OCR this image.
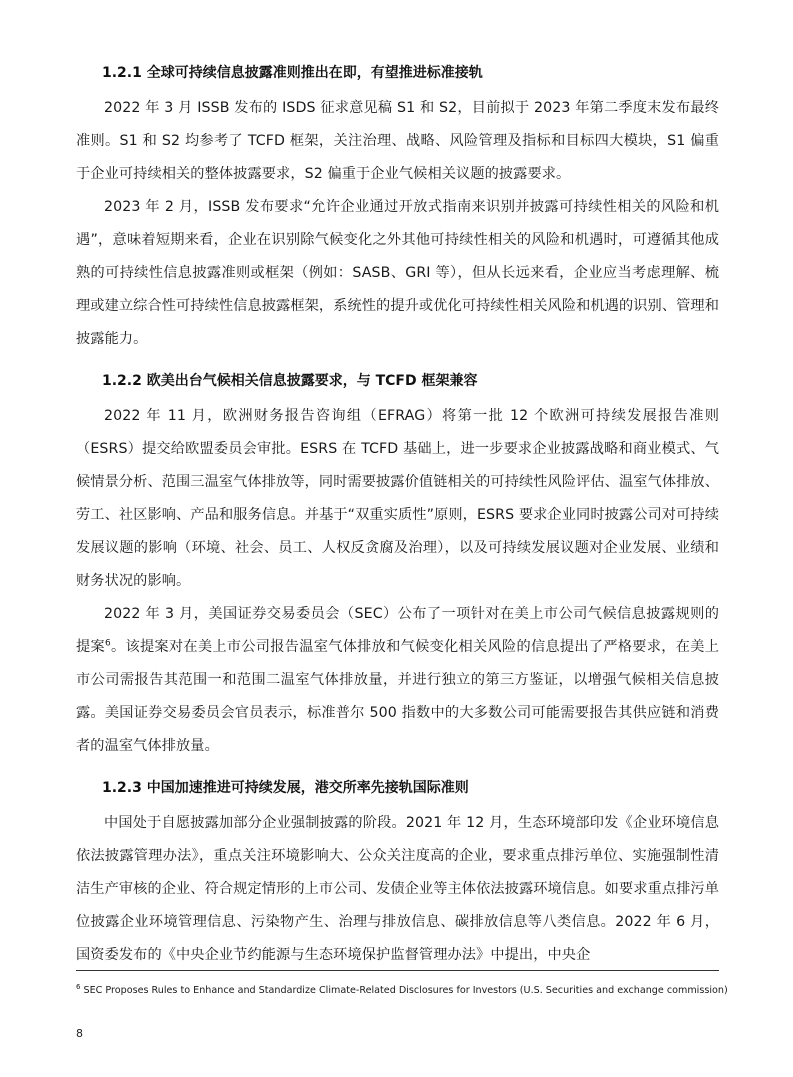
1.2.1 全球可持续信息披露准则推出在即，有望推进标准接轨

2022 年 3 月 ISSB 发布的 ISDS 征求意见稿 S1 和 S2，目前拟于 2023 年第二季度末发布最终准则。S1 和 S2 均参考了 TCFD 框架，关注治理、战略、风险管理及指标和目标四大模块，S1 偏重于企业可持续相关的整体披露要求，S2 偏重于企业气候相关议题的披露要求。

2023 年 2 月，ISSB 发布要求“允许企业通过开放式指南来识别并披露可持续性相关的风险和机遇”，意味着短期来看，企业在识别除气候变化之外其他可持续性相关的风险和机遇时，可遵循其他成熟的可持续性信息披露准则或框架（例如：SASB、GRI 等），但从长远来看，企业应当考虑理解、梳理或建立综合性可持续性信息披露框架，系统性的提升或优化可持续性相关风险和机遇的识别、管理和披露能力。

1.2.2 欧美出台气候相关信息披露要求，与 TCFD 框架兼容

2022 年 11 月，欧洲财务报告咨询组（EFRAG）将第一批 12 个欧洲可持续发展报告准则（ESRS）提交给欧盟委员会审批。ESRS 在 TCFD 基础上，进一步要求企业披露战略和商业模式、气候情景分析、范围三温室气体排放等，同时需要披露价值链相关的可持续性风险评估、温室气体排放、劳工、社区影响、产品和服务信息。并基于“双重实质性”原则，ESRS 要求企业同时披露公司对可持续发展议题的影响（环境、社会、员工、人权反贪腐及治理），以及可持续发展议题对企业发展、业绩和财务状况的影响。

2022 年 3 月，美国证券交易委员会（SEC）公布了一项针对在美上市公司气候信息披露规则的提案$^6$。该提案对在美上市公司报告温室气体排放和气候变化相关风险的信息提出了严格要求，在美上市公司需报告其范围一和范围二温室气体排放量，并进行独立的第三方鉴证，以增强气候相关信息披露。美国证券交易委员会官员表示，标准普尔 500 指数中的大多数公司可能需要报告其供应链和消费者的温室气体排放量。

1.2.3 中国加速推进可持续发展，港交所率先接轨国际准则

中国处于自愿披露加部分企业强制披露的阶段。2021 年 12 月，生态环境部印发《企业环境信息依法披露管理办法》，重点关注环境影响大、公众关注度高的企业，要求重点排污单位、实施强制性清洁生产审核的企业、符合规定情形的上市公司、发债企业等主体依法披露环境信息。如要求重点排污单位披露企业环境管理信息、污染物产生、治理与排放信息、碳排放信息等八类信息。2022 年 6 月，国资委发布的《中央企业节约能源与生态环境保护监督管理办法》中提出，中央企

$^6$ SEC Proposes Rules to Enhance and Standardize Climate-Related Disclosures for Investors (U.S. Securities and exchange commission)
8
